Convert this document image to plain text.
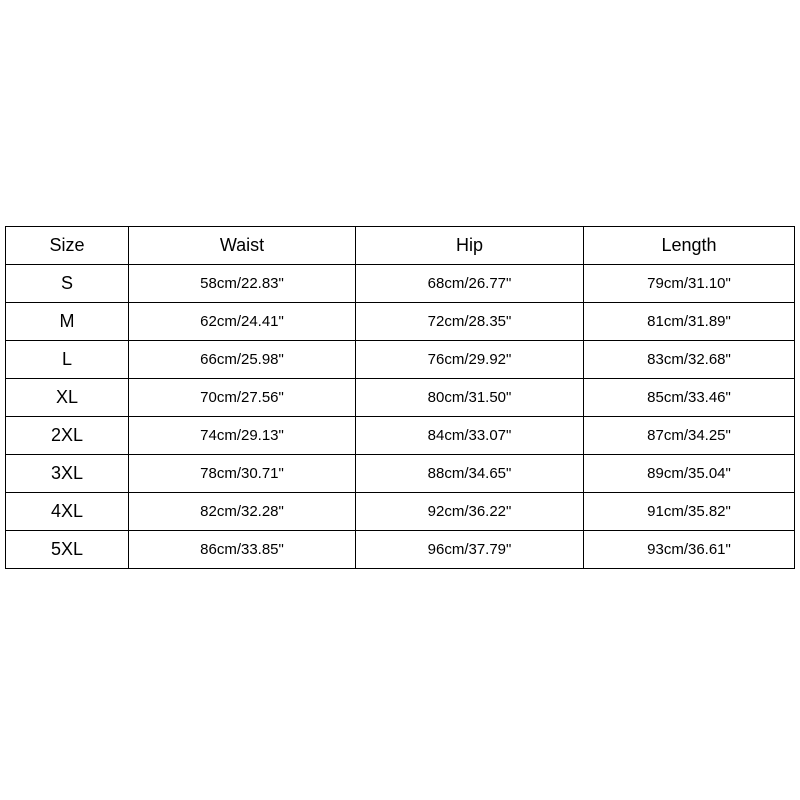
Size	Waist	Hip	Length
S	58cm/22.83"	68cm/26.77"	79cm/31.10"
M	62cm/24.41"	72cm/28.35"	81cm/31.89"
L	66cm/25.98"	76cm/29.92"	83cm/32.68"
XL	70cm/27.56"	80cm/31.50"	85cm/33.46"
2XL	74cm/29.13"	84cm/33.07"	87cm/34.25"
3XL	78cm/30.71"	88cm/34.65"	89cm/35.04"
4XL	82cm/32.28"	92cm/36.22"	91cm/35.82"
5XL	86cm/33.85"	96cm/37.79"	93cm/36.61"
